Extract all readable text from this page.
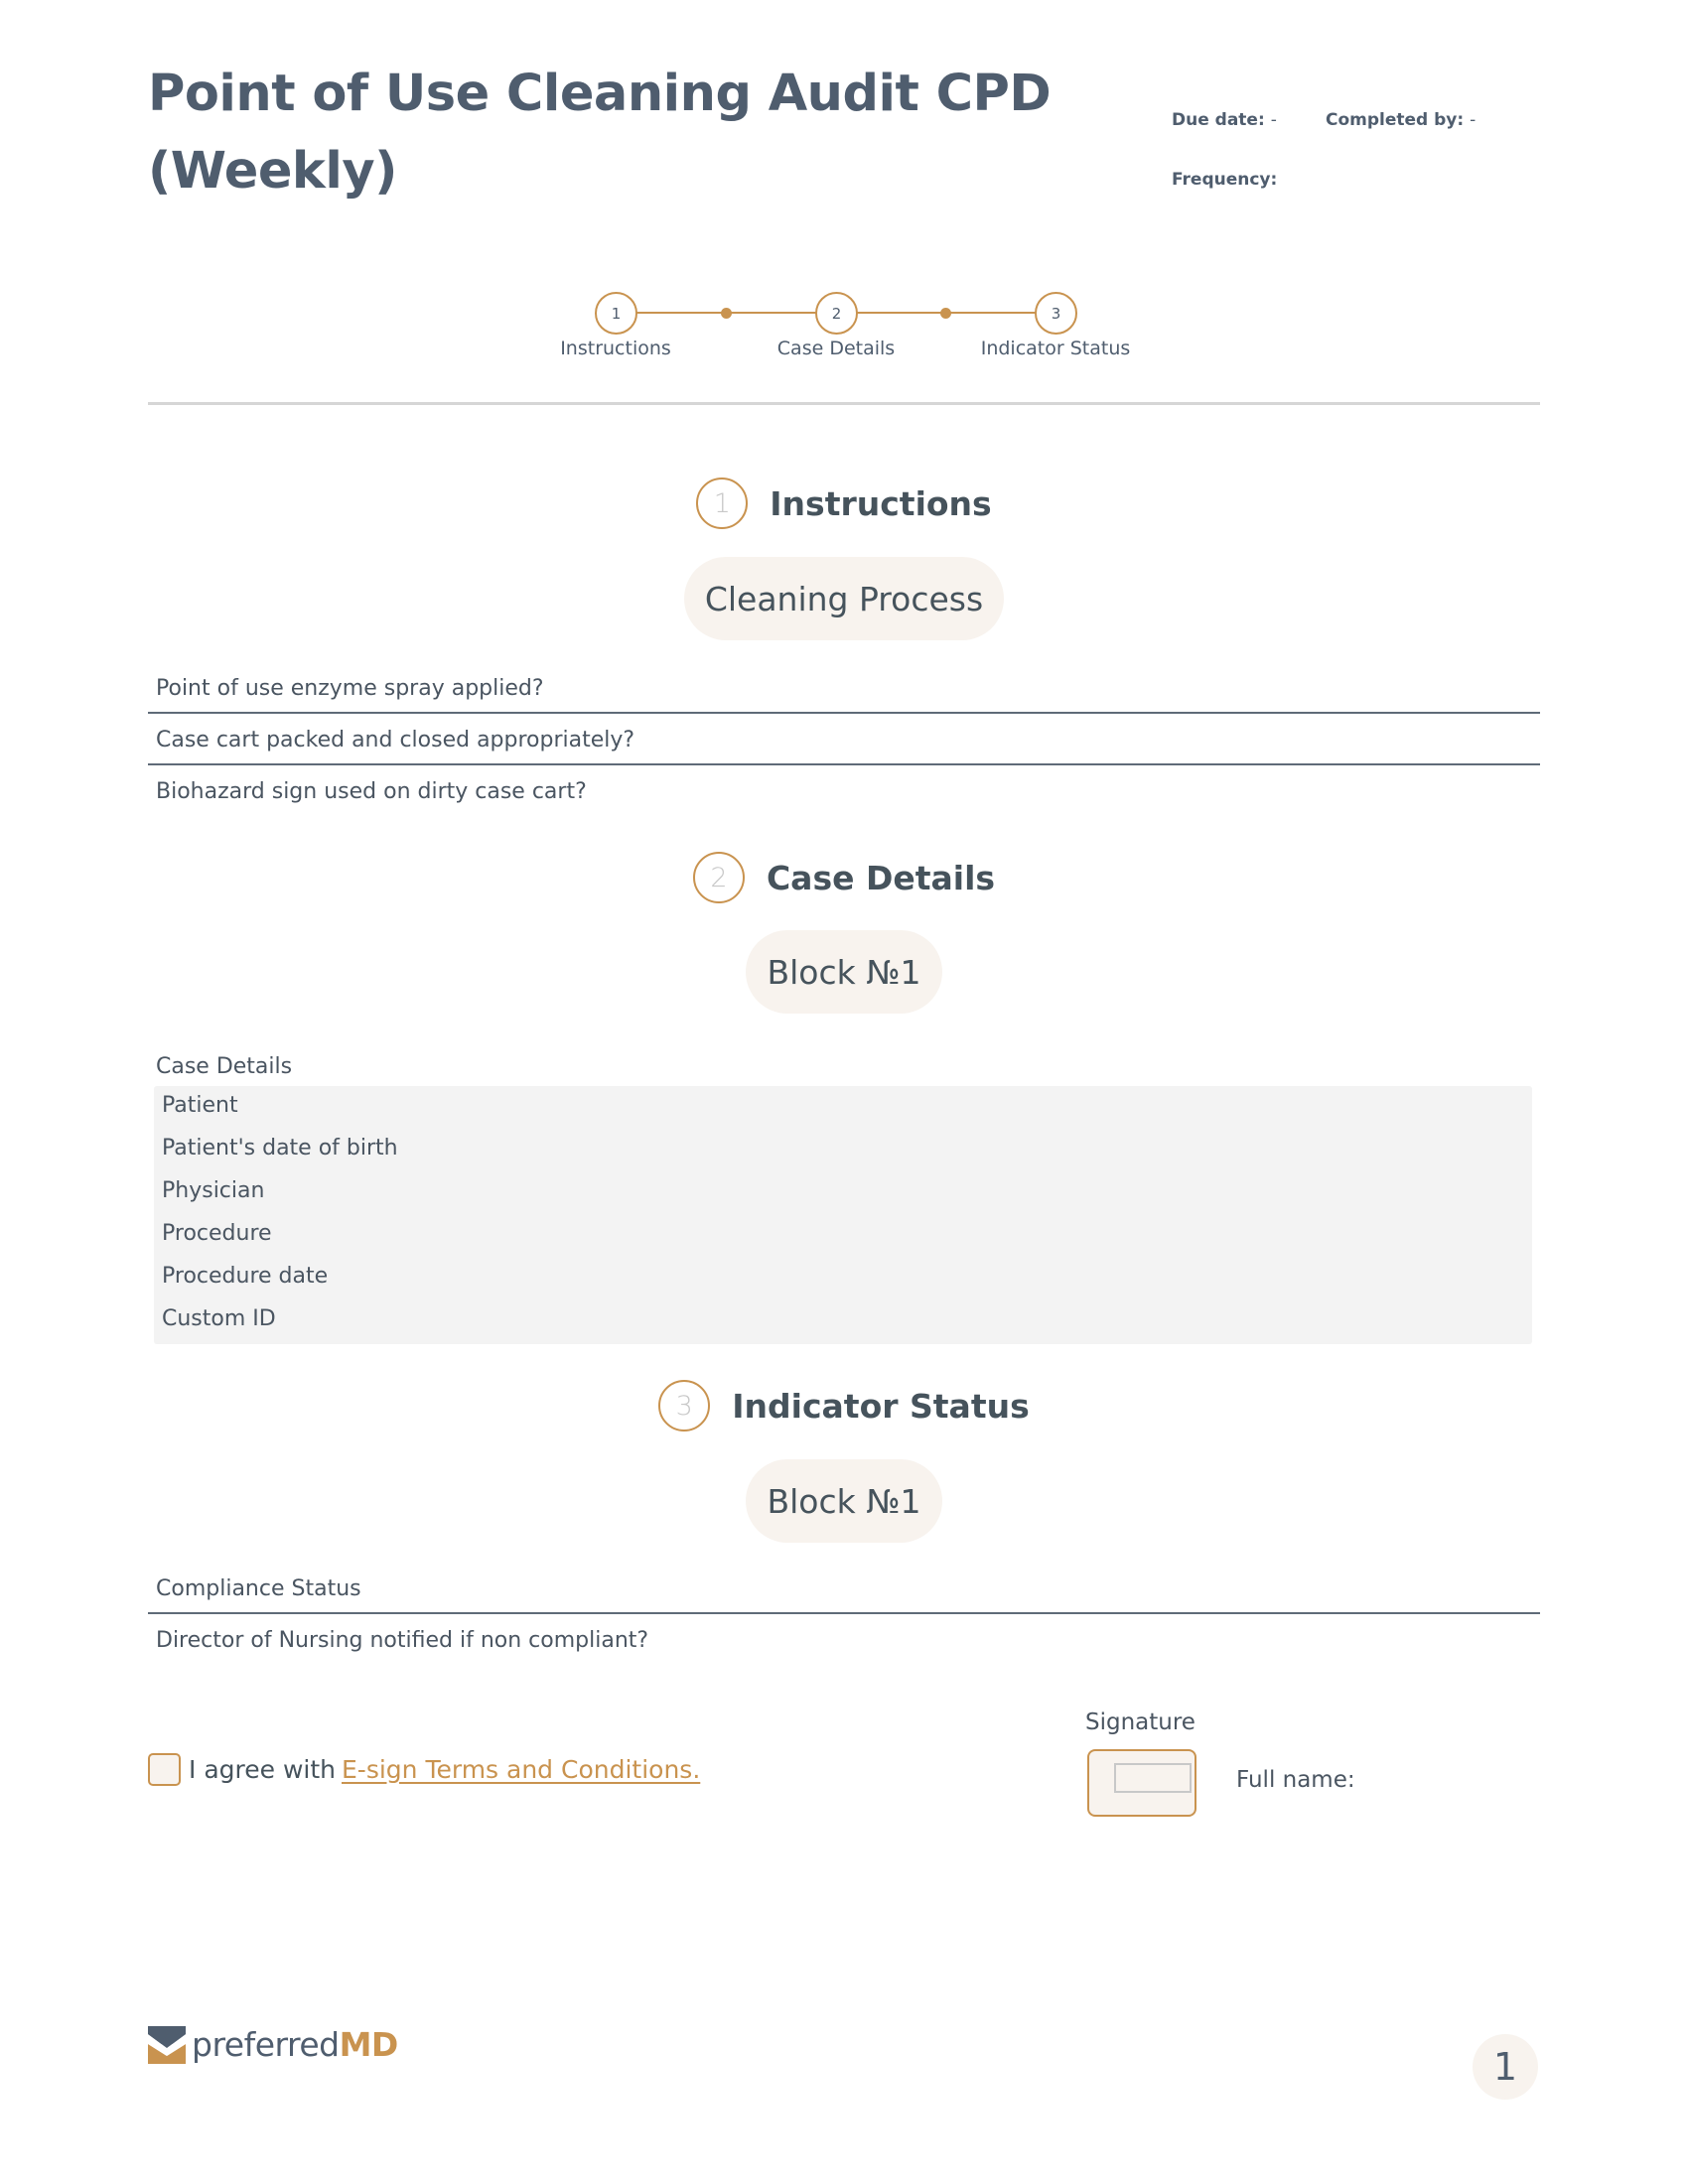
Point of Use Cleaning Audit CPD (Weekly)
Due date: -	Completed by: -
Frequency:
1	2	3
Instructions	Case Details	Indicator Status
1	Instructions
Cleaning Process
Point of use enzyme spray applied?
Case cart packed and closed appropriately?
Biohazard sign used on dirty case cart?
2	Case Details
Block №1
Case Details
Patient
Patient's date of birth
Physician
Procedure
Procedure date
Custom ID
3	Indicator Status
Block №1
Compliance Status
Director of Nursing notified if non compliant?
I agree with E-sign Terms and Conditions.
Signature
Full name:
preferred MD
1
